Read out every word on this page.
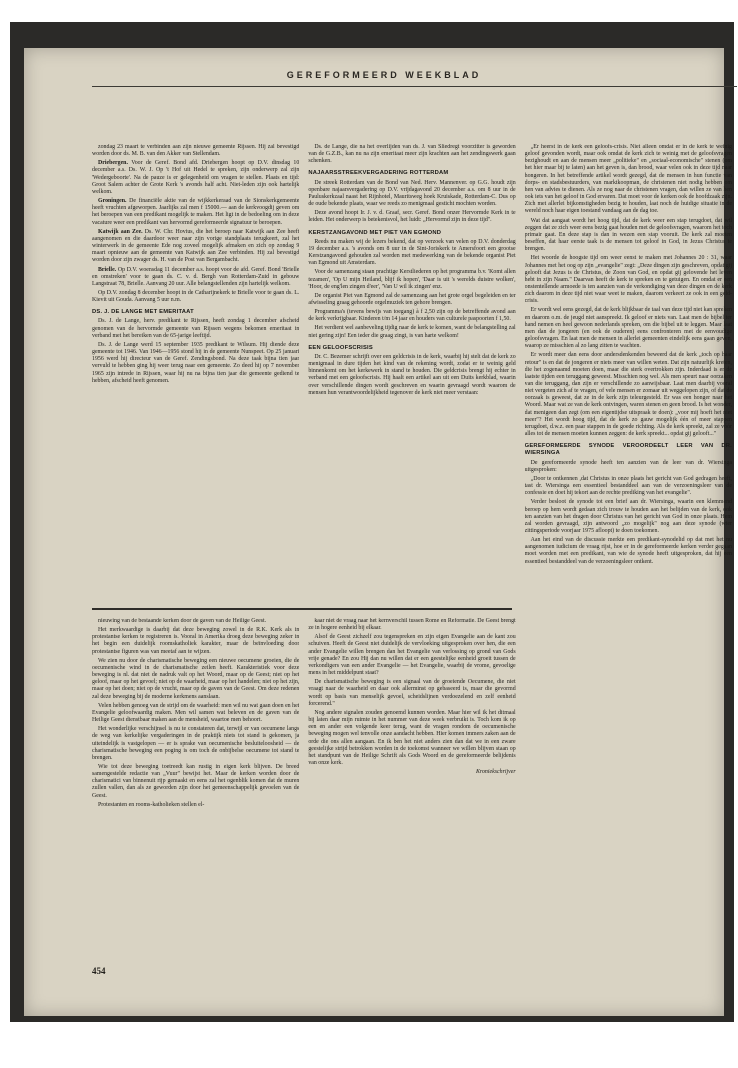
GEREFORMEERD WEEKBLAD

zondag 23 maart te verbinden aan zijn nieuwe gemeente Rijssen. Hij zal bevestigd worden door ds. M. B. van den Akker van Stellendam.

Driebergen. Voor de Geref. Bond afd. Driebergen hoopt op D.V. dinsdag 10 december a.s. Ds. W. J. Op 't Hof uit Hedel te spreken, zijn onderwerp zal zijn 'Wedergeboorte'. Na de pauze is er gelegenheid om vragen te stellen. Plaats en tijd: Groot Salem achter de Grote Kerk 's avonds half acht. Niet-leden zijn ook hartelijk welkom.

Groningen. De financiële aktie van de wijkkerkeraad van de Sionskerkgemeente heeft vruchten afgeworpen. Jaarlijks zal men f 15000.— aan de kerkvoogdij geven om het beroepen van een predikant mogelijk te maken. Het ligt in de bedoeling om in deze vacature weer een predikant van hervormd gereformeerde signatuur te beroepen.

Katwijk aan Zee. Ds. W. Chr. Hovius, die het beroep naar Katwijk aan Zee heeft aangenomen en die daardoor weer naar zijn vorige standplaats terugkeert, zal het winterwerk in de gemeente Ede nog zoveel mogelijk afmaken en zich op zondag 9 maart opnieuw aan de gemeente van Katwijk aan Zee verbinden. Hij zal bevestigd worden door zijn zwager ds. H. van de Post van Bergambacht.

Brielle. Op D.V. woensdag 11 december a.s. hoopt voor de afd. Geref. Bond 'Brielle en omstreken' voor te gaan ds. C. v. d. Bergh van Rotterdam-Zuid in gebouw Langstraat 78, Brielle. Aanvang 20 uur. Alle belangstellenden zijn hartelijk welkom.

Op D.V. zondag 8 december hoopt in de Catharijnekerk te Brielle voor te gaan ds. L. Kievit uit Gouda. Aanvang 5 uur n.m.

DS. J. DE LANGE MET EMERITAAT

Ds. J. de Lange, herv. predikant te Rijssen, heeft zondag 1 december afscheid genomen van de hervormde gemeente van Rijssen wegens bekomen emeritaat in verband met het bereiken van de 65-jarige leeftijd.

Ds. J. de Lange werd 15 september 1935 predikant te Wilsum. Hij diende deze gemeente tot 1946. Van 1946—1956 stond hij in de gemeente Nunspeet. Op 25 januari 1956 werd hij directeur van de Geref. Zendingsbond. Na deze taak bijna tien jaar vervuld te hebben ging hij weer terug naar een gemeente. Zo deed hij op 7 november 1965 zijn intrede in Rijssen, waar hij nu na bijna tien jaar die gemeente gediend te hebben, afscheid heeft genomen.

Ds. de Lange, die na het overlijden van ds. J. van Sliedregt voorzitter is geworden van de G.Z.B., kan nu na zijn emeritaat meer zijn krachten aan het zendingswerk gaan schenken.

NAJAARSSTREEKVERGADERING ROTTERDAM

De streek Rotterdam van de Bond van Ned. Herv. Mannenver. op G.G. houdt zijn openbare najaarsvergadering op D.V. vrijdagavond 20 december a.s. om 8 uur in de Pauluskerkzaal naast het Rijnhotel, Mauritsweg hoek Kruiskade, Rotterdam-C. Dus op de oude bekende plaats, waar we reeds zo menigmaal gesticht mochten worden.

Deze avond hoopt Ir. J. v. d. Graaf, secr. Geref. Bond onzer Hervormde Kerk in te leiden. Het onderwerp is betekenisvol, het luidt: „Hervormd zijn in deze tijd".

KERSTZANGAVOND MET PIET VAN EGMOND

Reeds nu maken wij de lezers bekend, dat op verzoek van velen op D.V. donderdag 19 december a.s. 's avonds om 8 uur in de Sint-Joriskerk te Amersfoort een grootse Kerstzangavond gehouden zal worden met medewerking van de bekende organist Piet van Egmond uit Amsterdam.

Voor de samenzang staan prachtige Kerstliederen op het programma b.v. 'Komt allen tezamen', 'Op U mijn Heiland, blijf ik hopen', 'Daar is uit 's werelds duistre wolken', 'Hoor, de eng'len zingen d'eer', 'Van U wil ik zingen' enz.

De organist Piet van Egmond zal de samenzang aan het grote orgel begeleiden en ter afwisseling graag gehoorde orgelmuziek ten gehore brengen.

Programma's (tevens bewijs van toegang) à f 2,50 zijn op de betreffende avond aan de kerk verkrijgbaar. Kinderen t/m 14 jaar en houders van culturele paspoorten f 1,50.

Het verdient wel aanbeveling tijdig naar de kerk te komen, want de belangstelling zal niet gering zijn! Een ieder die graag zingt, is van harte welkom!

EEN GELOOFSCRISIS

Dr. C. Bezemer schrijft over een geldcrisis in de kerk, waarbij hij stelt dat de kerk zo menigmaal in dure tijden het kind van de rekening wordt, zodat er te weinig geld binnenkomt om het kerkewerk in stand te houden. Die geldcrisis brengt hij echter in verband met een geloofscrisis. Hij haalt een artikel aan uit een Duits kerkblad, waarin over verschillende dingen wordt geschreven en waarin gevraagd wordt waarom de mensen hun verantwoordelijkheid tegenover de kerk niet meer verstaan:

„Er heerst in de kerk een geloofs-crisis. Niet alleen omdat er in de kerk te weinig geloof gevonden wordt, maar ook omdat de kerk zich te weinig met de geloofsvragen bezighoudt en aan de mensen meer „politieke" en „sociaal-economische" stenen (om het hier maar bij te laten) aan het geven is, dan brood, waar velen ook in deze tijd naar hongeren. In het betreffende artikel wordt gezegd, dat de mensen in hun functie van dorps- en stadsbestuurders, van marktkoopman, de christenen niet nodig hebben om hen van advies te dienen. Als ze nog naar de christenen vragen, dan willen ze van hen ook iets van het geloof in God ervaren. Dat moet voor de kerken ook de hoofdzaak zijn. Zich met allerlei bijkomstigheden bezig te houden, laat noch de huidige situatie in de wereld noch haar eigen toestand vandaag aan de dag toe.

Wat dat aangaat wordt het hoog tijd, dat de kerk weer een stap terugdoet, dat wil zeggen dat ze zich weer eens bezig gaat houden met de geloofsvragen, waarom het toch primair gaat. En deze stap is dan in wezen een stap vooruit. De kerk zal moeten beseffen, dat haar eerste taak is de mensen tot geloof in God, in Jezus Christus te brengen.

Het woorde de hoogste tijd om weer eenst te maken met Johannes 20 : 31, waar Johannes met het oog op zijn „evangelie" zegt: „Deze dingen zijn geschreven, opdat gij gelooft dat Jezus is de Christus, de Zoon van God, en opdat gij gelovende het leven hebt in zijn Naam." Daarvan heeft de kerk te spreken en te getuigen. En omdat er een onstentellende armoede is ten aanzien van de verkondiging van deze dingen en de kerk zich daarom in deze tijd niet waar weet te maken, daarom verkeert ze ook in een geld-crisis.

Er wordt wel eens gezegd, dat de kerk blijkbaar de taal van deze tijd niet kan spreken en daarom o.m. de jeugd niet aanspreekt. Ik geloof er niets van. Laat men de bijbel ter hand nemen en heel gewoon nederlands spreken, om die bijbel uit te leggen. Maar laat men dan de jongeren (en ook de ouderen) eens confronteren met de eenvoudige geloofsvragen. En laat men de mensen in allerlei gemeenten eindelijk eens gaan geven, waarop ze misschien al zo lang zitten te wachten.

Er wordt meer dan eens door andersdenkenden beweerd dat de kerk „toch op haar retour" is en dat de jongeren er niets meer van willen weten. Dat zijn natuurlijk kreten, die het zogenaamd moeten doen, maar die sterk overtrokken zijn. Inderdaad is er de laatste tijden een teruggang geweest. Misschien nog wel. Als men speurt naar oorzaken van die teruggang, dan zijn er verschillende zo aanwijsbaar. Laat men daarbij vooral niet vergeten zich af te vragen, of vele mensen er zomaar uit weggelopen zijn, of dat de oorzaak is geweest, dat ze in de kerk zijn teleurgesteld. Er was een honger naar het Woord. Maar wat ze van de kerk ontvingen, waren stenen en geen brood. Is het wonder, dat menigeen dan zegt (om een eigentijdse uitspraak te doen): „voor mij hoeft het niet meer"? Het wordt hoog tijd, dat de kerk zo gauw mogelijk één of meer stappen terugdoet, d.w.z. een paar stappen in de goede richting. Als de kerk spreekt, zal ze vóór alles tot de mensen moeten kunnen zeggen: de kerk spreekt... opdat gij gelooft..."

GEREFORMEERDE SYNODE VEROORDEELT LEER VAN DR. WIERSINGA

De gereformeerde synode heeft ten aanzien van de leer van dr. Wiersinga uitgesproken:

„Door te ontkennen ,dat Christus in onze plaats het gericht van God gedragen heeft, tast dr. Wiersinga een essentieel bestanddeel aan van de verzoeningsleer van de confessie en doet hij tekort aan de rechte prediking van het evangelie".

Verder besloot de synode tot een brief aan dr. Wiersinga, waarin een klemmend beroep op hem wordt gedaan zich trouw te houden aan het belijden van de kerk, ook ten aanzien van het dragen door Christus van het gericht van God in onze plaats. Hem zal worden gevraagd, zijn antwoord „zo mogelijk" nog aan deze synode (wier zittingsperiode voorjaar 1975 afloopt) te doen toekomen.

Aan het eind van de discussie merkte een predikant-synodelid op dat met het nu aangenomen iudicium de vraag rijst, hoe er in de gereformeerde kerken verder gegaan moet worden met een predikant, van wie de synode heeft uitgesproken, dat hij een essentieel bestanddeel van de verzoeningsleer ontkent.

nieuwing van de bestaande kerken door de gaven van de Heilige Geest.

Het merkwaardige is daarbij dat deze beweging zowel in de R.K. Kerk als in protestantse kerken te registreren is. Vooral in Amerika droeg deze beweging zeker in het begin een duidelijk roomskatholiek karakter, maar de beïnvloeding door protestantse figuren was van meetaf aan te wijzen.

We zien nu door de charismatische beweging een nieuwe oecumene groeien, die de oecumenische wind in de charismatische zeilen heeft. Karakteristiek voor deze beweging is nl. dat niet de nadruk valt op het Woord, maar op de Geest; niet op het geloof, maar op het gevoel; niet op de waarheid, maar op het handelen; niet op het zijn, maar op het doen; niet op de vrucht, maar op de gaven van de Geest. Om deze redenen zal deze beweging bij de moderne kerkmens aanslaan.

Velen hebben genoeg van de strijd om de waarheid: men wil nu wat gaan doen en het Evangelie geloofwaardig maken. Men wil samen wat beleven en de gaven van de Heilige Geest dienstbaar maken aan de mensheid, waartoe men behoort.

Het wonderlijke verschijnsel is nu te constateren dat, terwijl er van oecumene langs de weg van kerkelijke vergaderingen in de praktijk niets tot stand is gekomen, ja uiteindelijk is vastgelopen — er is sprake van oecumenische besluiteloosheid — de charismatische beweging een poging is om toch de onbijbelse oecumene tot stand te brengen.

Wie tot deze beweging toetreedt kan rustig in eigen kerk blijven. De breed samengestelde redactie van „Vuur" bewijst het. Maar de kerken worden door de charismatici van binnenuit rijp gemaakt en eens zal het ogenblik komen dat de muren zullen vallen, dan als ze geworden zijn door het gemeenschappelijk gevoelen van de Geest.

Protestanten en rooms-katholieken stellen el-

kaar niet de vraag naar het kernverschil tussen Rome en Reformatie. De Geest brengt ze in hogere eenheid bij elkaar.

Alsof de Geest zichzelf zou tegenspreken en zijn eigen Evangelie aan de kant zou schuiven. Heeft de Geest niet duidelijk de vervloeking uitgesproken over hen, die een ander Evangelie willen brengen dan het Evangelie van verlossing op grond van Gods vrije genade? En zou Hij dan nu willen dat er een geestelijke eenheid groeit tussen de verkondigers van een ander Evangelie — het Evangelie, waarbij de vrome, gevoelige mens in het middelpunt staat?

De charismatische beweging is een signaal van de groeiende Oecumene, die niet vraagt naar de waarheid en daar ook allerminst op gebaseerd is, maar die gevormd wordt op basis van menselijk gevoel, scheidslijnen verdoezelend en zelf eenheid forcerend."

Nog andere signalen zouden genoemd kunnen worden. Maar hier wil ik het ditmaal bij laten daar mijn ruimte in het nummer van deze week verbruikt is. Toch kom ik op een en ander een volgende keer terug, want de vragen rondom de oecumenische beweging mogen wel tenvolle onze aandacht hebben. Hier komen immers zaken aan de orde die ons allen aangaan. En ik ben het niet anders zien dan dat we in een zware geestelijke strijd betrokken worden in de toekomst wanneer we willen blijven staan op het standpunt van de Heilige Schrift als Gods Woord en de gereformeerde belijdenis van onze kerk.

Kroniekschrijver

454
